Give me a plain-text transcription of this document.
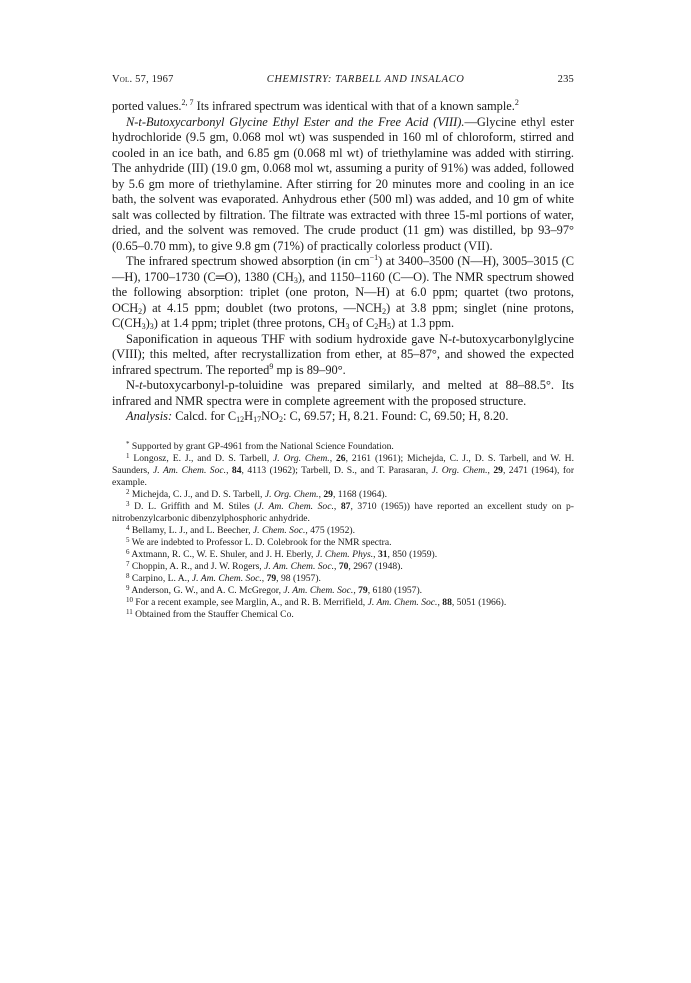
Vol. 57, 1967	CHEMISTRY: TARBELL AND INSALACO	235

ported values.$^{2, 7}$ Its infrared spectrum was identical with that of a known sample.$^2$

N-t-Butoxycarbonyl Glycine Ethyl Ester and the Free Acid (VIII).—Glycine ethyl ester hydrochloride (9.5 gm, 0.068 mol wt) was suspended in 160 ml of chloroform, stirred and cooled in an ice bath, and 6.85 gm (0.068 ml wt) of triethylamine was added with stirring. The anhydride (III) (19.0 gm, 0.068 mol wt, assuming a purity of 91%) was added, followed by 5.6 gm more of triethylamine. After stirring for 20 minutes more and cooling in an ice bath, the solvent was evaporated. Anhydrous ether (500 ml) was added, and 10 gm of white salt was collected by filtration. The filtrate was extracted with three 15-ml portions of water, dried, and the solvent was removed. The crude product (11 gm) was distilled, bp 93–97° (0.65–0.70 mm), to give 9.8 gm (71%) of practically colorless product (VII).

The infrared spectrum showed absorption (in $cm^{-1}$) at 3400–3500 (N—H), 3005–3015 (C—H), 1700–1730 (C═O), 1380 $(CH_3)$, and 1150–1160 (C—O). The NMR spectrum showed the following absorption: triplet (one proton, N—H) at 6.0 ppm; quartet (two protons, $OCH_2$) at 4.15 ppm; doublet (two protons, $—NCH_2$) at 3.8 ppm; singlet (nine protons, $C(CH_3)_3$) at 1.4 ppm; triplet (three protons, $CH_3$ of $C_2H_5$) at 1.3 ppm.

Saponification in aqueous THF with sodium hydroxide gave N-t-butoxycarbonylglycine (VIII); this melted, after recrystallization from ether, at 85–87°, and showed the expected infrared spectrum. The reported$^9$ mp is 89–90°.

N-t-butoxycarbonyl-p-toluidine was prepared similarly, and melted at 88–88.5°. Its infrared and NMR spectra were in complete agreement with the proposed structure.

Analysis: Calcd. for $C_{12}H_{17}NO_2$: C, 69.57; H, 8.21. Found: C, 69.50; H, 8.20.

* Supported by grant GP-4961 from the National Science Foundation.

$^1$ Longosz, E. J., and D. S. Tarbell, J. Org. Chem., 26, 2161 (1961); Michejda, C. J., D. S. Tarbell, and W. H. Saunders, J. Am. Chem. Soc., 84, 4113 (1962); Tarbell, D. S., and T. Parasaran, J. Org. Chem., 29, 2471 (1964), for example.

$^2$ Michejda, C. J., and D. S. Tarbell, J. Org. Chem., 29, 1168 (1964).

$^3$ D. L. Griffith and M. Stiles (J. Am. Chem. Soc., 87, 3710 (1965)) have reported an excellent study on p-nitrobenzylcarbonic dibenzylphosphoric anhydride.

$^4$ Bellamy, L. J., and L. Beecher, J. Chem. Soc., 475 (1952).

$^5$ We are indebted to Professor L. D. Colebrook for the NMR spectra.

$^6$ Axtmann, R. C., W. E. Shuler, and J. H. Eberly, J. Chem. Phys., 31, 850 (1959).

$^7$ Choppin, A. R., and J. W. Rogers, J. Am. Chem. Soc., 70, 2967 (1948).

$^8$ Carpino, L. A., J. Am. Chem. Soc., 79, 98 (1957).

$^9$ Anderson, G. W., and A. C. McGregor, J. Am. Chem. Soc., 79, 6180 (1957).

$^{10}$ For a recent example, see Marglin, A., and R. B. Merrifield, J. Am. Chem. Soc., 88, 5051 (1966).

$^{11}$ Obtained from the Stauffer Chemical Co.
